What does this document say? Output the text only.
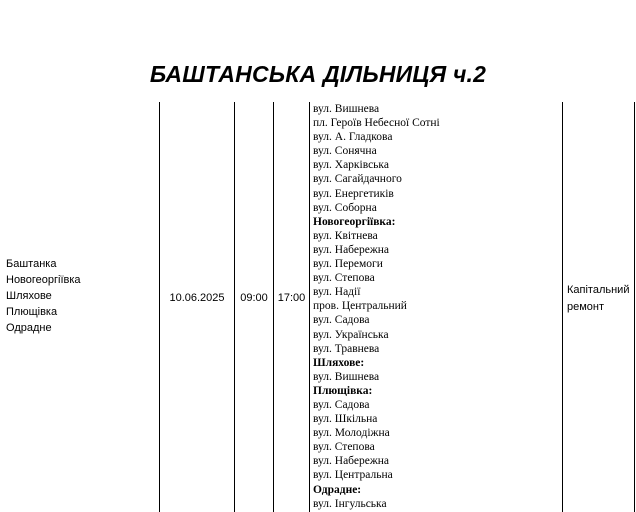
БАШТАНСЬКА ДІЛЬНИЦЯ ч.2
Баштанка
Новогеоргіївка
Шляхове
Плющівка
Одрадне
10.06.2025	09:00 17:00
вул. Вишнева
пл. Героїв Небесної Сотні
вул. А. Гладкова
вул. Сонячна
вул. Харківська
вул. Сагайдачного
вул. Енергетиків
вул. Соборна
Новогеоргіївка:
вул. Квітнева
вул. Набережна
вул. Перемоги
вул. Степова
вул. Надії
пров. Центральний
вул. Садова
вул. Українська
вул. Травнева
Шляхове:
вул. Вишнева
Плющівка:
вул. Садова
вул. Шкільна
вул. Молодіжна
вул. Степова
вул. Набережна
вул. Центральна
Одрадне:
вул. Інгульська
Капітальний
ремонт
